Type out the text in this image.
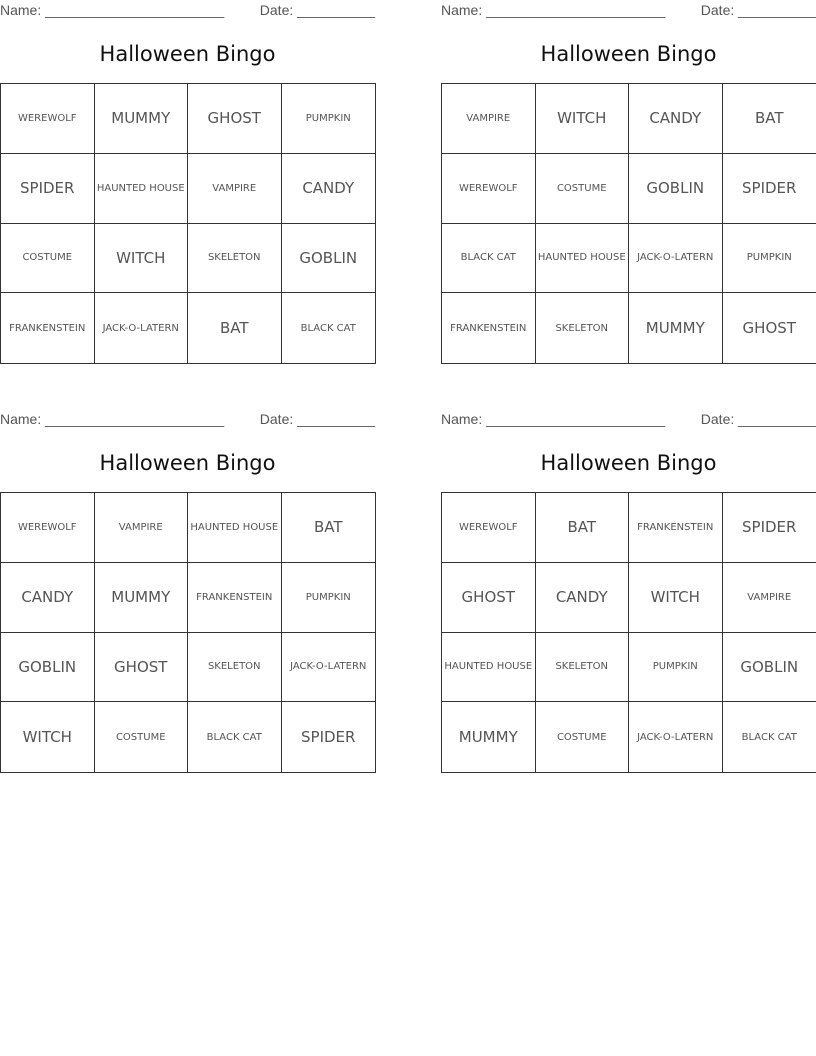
Name: _______________________	Date: __________
Halloween Bingo
WEREWOLF	MUMMY	GHOST	PUMPKIN
SPIDER	HAUNTED HOUSE	VAMPIRE	CANDY
COSTUME	WITCH	SKELETON	GOBLIN
FRANKENSTEIN	JACK-O-LATERN	BAT	BLACK CAT
Name: _______________________	Date: __________
Halloween Bingo
VAMPIRE	WITCH	CANDY	BAT
WEREWOLF	COSTUME	GOBLIN	SPIDER
BLACK CAT	HAUNTED HOUSE	JACK-O-LATERN	PUMPKIN
FRANKENSTEIN	SKELETON	MUMMY	GHOST
Name: _______________________	Date: __________
Halloween Bingo
WEREWOLF	VAMPIRE	HAUNTED HOUSE	BAT
CANDY	MUMMY	FRANKENSTEIN	PUMPKIN
GOBLIN	GHOST	SKELETON	JACK-O-LATERN
WITCH	COSTUME	BLACK CAT	SPIDER
Name: _______________________	Date: __________
Halloween Bingo
WEREWOLF	BAT	FRANKENSTEIN	SPIDER
GHOST	CANDY	WITCH	VAMPIRE
HAUNTED HOUSE	SKELETON	PUMPKIN	GOBLIN
MUMMY	COSTUME	JACK-O-LATERN	BLACK CAT
